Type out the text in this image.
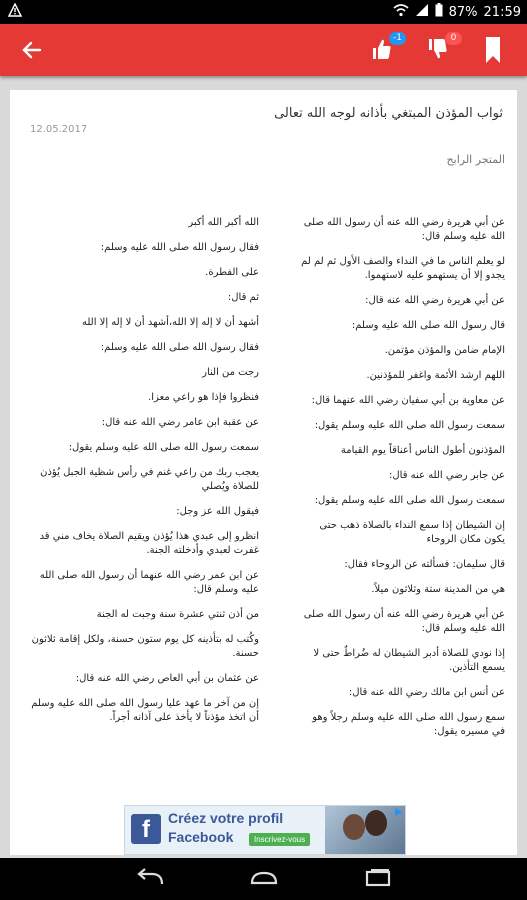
87% 21:59
-1	0
ثواب المؤذن المبتغي بأذانه لوجه الله تعالى
12.05.2017
المتجر الرابح

عن أبي هريرة رضي الله عنه أن رسول الله صلى الله عليه وسلم قال:

لو يعلم الناس ما في النداء والصف الأول ثم لم لم يجدو إلا أن يستهمو عليه لاستهموا.

عن أبي هريرة رضي الله عنه قال:

قال رسول الله صلى الله عليه وسلم:

الإمام ضامن والمؤذن مؤتمن.

اللهم ارشد الأئمة واغفر للمؤذنين.

عن معاوية بن أبي سفيان رضي الله عنهما قال:

سمعت رسول الله صلى الله عليه وسلم يقول:

المؤذنون أطول الناس أعناقاً يوم القيامة

عن جابر رضي الله عنه قال:

سمعت رسول الله صلى الله عليه وسلم يقول:

إن الشيطان إذا سمع النداء بالصلاة ذهب حتى يكون مكان الروحاء

قال سليمان: فسألته عن الروحاء فقال:

هي من المدينة ستة وثلاثون ميلاً.

عن أبي هريرة رضي الله عنه أن رسول الله صلى الله عليه وسلم قال:

إذا نودي للصلاة أدبر الشيطان له ضُراطٌ حتى لا يسمع التأذين.

عن أنس ابن مالك رضي الله عنه قال:

سمع رسول الله صلى الله عليه وسلم رجلاً وهو في مسيره يقول:

الله أكبر الله أكبر

فقال رسول الله صلى الله عليه وسلم:

على الفطرة.

ثم قال:

أشهد أن لا إله إلا الله،أشهد أن لا إله إلا الله

فقال رسول الله صلى الله عليه وسلم:

رجت من النار

فنظروا فإذا هو راعي معزا.

عن عقبة ابن عامر رضي الله عنه قال:

سمعت رسول الله صلى الله عليه وسلم يقول:

يعجب ربك من راعي غنم في رأس شظية الجبل يُؤذن للصلاة ويُصلي

فيقول الله عز وجل:

انظرو إلى عبدي هذا يُؤذن ويقيم الصلاة يخاف مني قد غفرت لعبدي وأدخلته الجنة.

عن ابن عمر رضي الله عنهما أن رسول الله صلى الله عليه وسلم قال:

من أذن ثنتي عشرة سنة وجبت له الجنة

وكُتب له بتأذينه كل يوم ستون حسنة، ولكل إقامة ثلاثون حسنة.

عن عثمان بن أبي العاص رضي الله عنه قال:

إن من آخر ما عهد عليا رسول الله صلى الله عليه وسلم أن اتخذ مؤذناً لا يأخذ على آذانه أجراً.

f	Créez votre profil
Facebook	Inscrivez-vous
